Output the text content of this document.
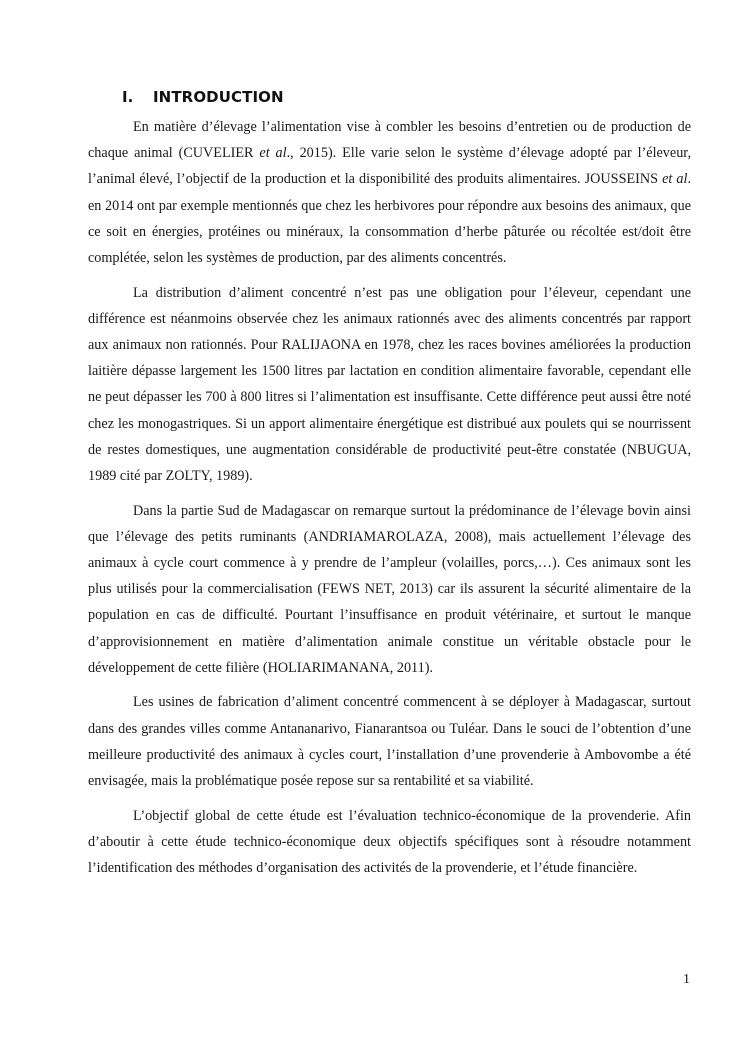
I. INTRODUCTION

En matière d’élevage l’alimentation vise à combler les besoins d’entretien ou de production de chaque animal (CUVELIER et al., 2015). Elle varie selon le système d’élevage adopté par l’éleveur, l’animal élevé, l’objectif de la production et la disponibilité des produits alimentaires. JOUSSEINS et al. en 2014 ont par exemple mentionnés que chez les herbivores pour répondre aux besoins des animaux, que ce soit en énergies, protéines ou minéraux, la consommation d’herbe pâturée ou récoltée est/doit être complétée, selon les systèmes de production, par des aliments concentrés.

La distribution d’aliment concentré n’est pas une obligation pour l’éleveur, cependant une différence est néanmoins observée chez les animaux rationnés avec des aliments concentrés par rapport aux animaux non rationnés. Pour RALIJAONA en 1978, chez les races bovines améliorées la production laitière dépasse largement les 1500 litres par lactation en condition alimentaire favorable, cependant elle ne peut dépasser les 700 à 800 litres si l’alimentation est insuffisante. Cette différence peut aussi être noté chez les monogastriques. Si un apport alimentaire énergétique est distribué aux poulets qui se nourrissent de restes domestiques, une augmentation considérable de productivité peut-être constatée (NBUGUA, 1989 cité par ZOLTY, 1989).

Dans la partie Sud de Madagascar on remarque surtout la prédominance de l’élevage bovin ainsi que l’élevage des petits ruminants (ANDRIAMAROLAZA, 2008), mais actuellement l’élevage des animaux à cycle court commence à y prendre de l’ampleur (volailles, porcs,…). Ces animaux sont les plus utilisés pour la commercialisation (FEWS NET, 2013) car ils assurent la sécurité alimentaire de la population en cas de difficulté. Pourtant l’insuffisance en produit vétérinaire, et surtout le manque d’approvisionnement en matière d’alimentation animale constitue un véritable obstacle pour le développement de cette filière (HOLIARIMANANA, 2011).

Les usines de fabrication d’aliment concentré commencent à se déployer à Madagascar, surtout dans des grandes villes comme Antananarivo, Fianarantsoa ou Tuléar. Dans le souci de l’obtention d’une meilleure productivité des animaux à cycles court, l’installation d’une provenderie à Ambovombe a été envisagée, mais la problématique posée repose sur sa rentabilité et sa viabilité.

L’objectif global de cette étude est l’évaluation technico-économique de la provenderie. Afin d’aboutir à cette étude technico-économique deux objectifs spécifiques sont à résoudre notamment l’identification des méthodes d’organisation des activités de la provenderie, et l’étude financière.

1
